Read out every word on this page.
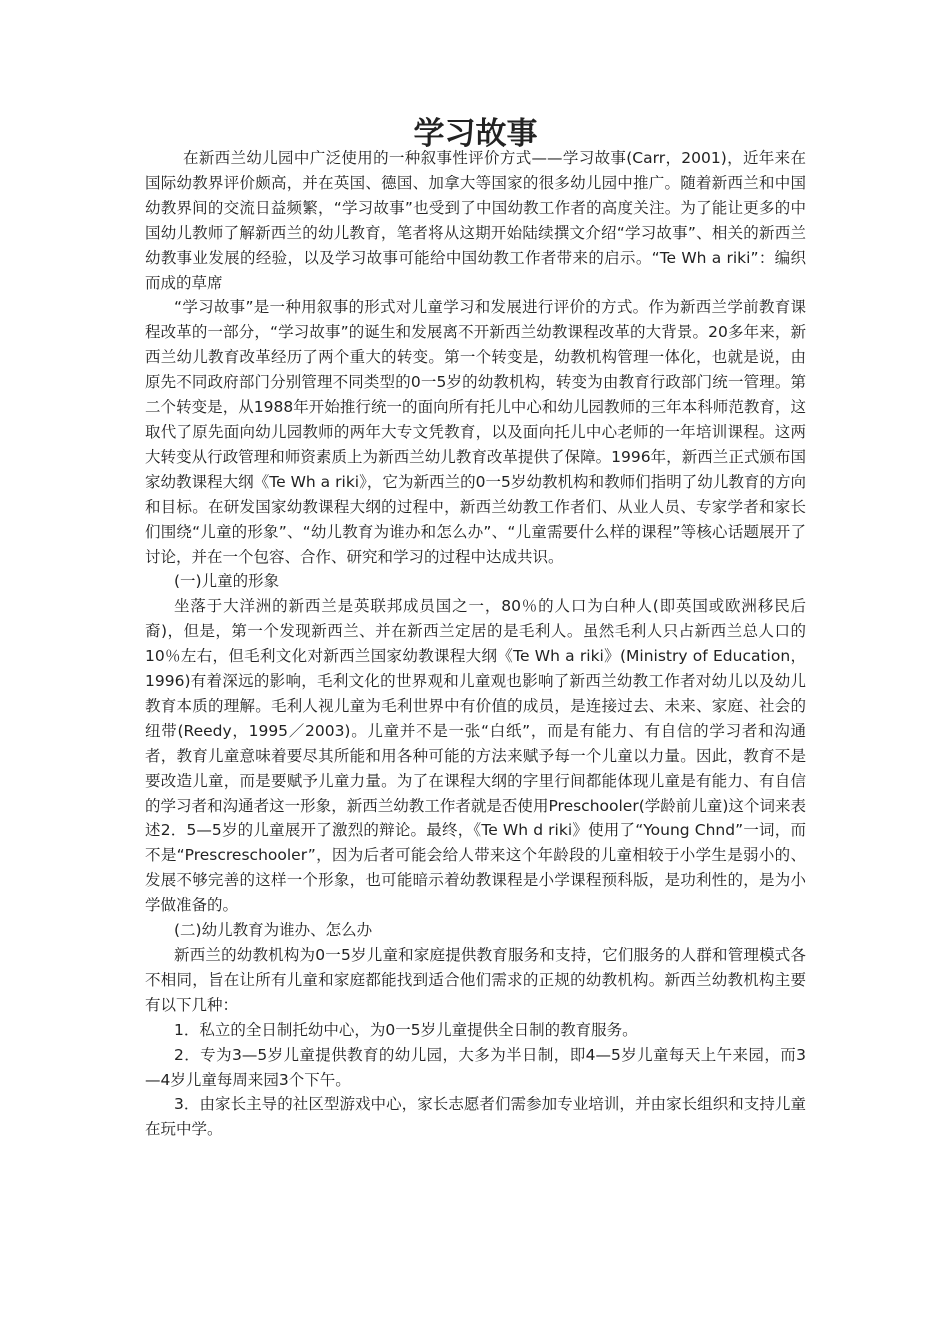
学习故事

在新西兰幼儿园中广泛使用的一种叙事性评价方式——学习故事(Carr，2001)，近年来在国际幼教界评价颇高，并在英国、德国、加拿大等国家的很多幼儿园中推广。随着新西兰和中国幼教界间的交流日益频繁，“学习故事”也受到了中国幼教工作者的高度关注。为了能让更多的中国幼儿教师了解新西兰的幼儿教育，笔者将从这期开始陆续撰文介绍“学习故事”、相关的新西兰幼教事业发展的经验，以及学习故事可能给中国幼教工作者带来的启示。“Te Wh a riki”：编织而成的草席

“学习故事”是一种用叙事的形式对儿童学习和发展进行评价的方式。作为新西兰学前教育课程改革的一部分，“学习故事”的诞生和发展离不开新西兰幼教课程改革的大背景。20多年来，新西兰幼儿教育改革经历了两个重大的转变。第一个转变是，幼教机构管理一体化，也就是说，由原先不同政府部门分别管理不同类型的0一5岁的幼教机构，转变为由教育行政部门统一管理。第二个转变是，从1988年开始推行统一的面向所有托儿中心和幼儿园教师的三年本科师范教育，这取代了原先面向幼儿园教师的两年大专文凭教育，以及面向托儿中心老师的一年培训课程。这两大转变从行政管理和师资素质上为新西兰幼儿教育改革提供了保障。1996年，新西兰正式颁布国家幼教课程大纲《Te Wh a riki》，它为新西兰的0一5岁幼教机构和教师们指明了幼儿教育的方向和目标。在研发国家幼教课程大纲的过程中，新西兰幼教工作者们、从业人员、专家学者和家长们围绕“儿童的形象”、“幼儿教育为谁办和怎么办”、“儿童需要什么样的课程”等核心话题展开了讨论，并在一个包容、合作、研究和学习的过程中达成共识。

(一)儿童的形象

坐落于大洋洲的新西兰是英联邦成员国之一，80％的人口为白种人(即英国或欧洲移民后裔)，但是，第一个发现新西兰、并在新西兰定居的是毛利人。虽然毛利人只占新西兰总人口的10％左右，但毛利文化对新西兰国家幼教课程大纲《Te Wh a riki》(Ministry of Education，1996)有着深远的影响，毛利文化的世界观和儿童观也影响了新西兰幼教工作者对幼儿以及幼儿教育本质的理解。毛利人视儿童为毛利世界中有价值的成员，是连接过去、未来、家庭、社会的纽带(Reedy，1995／2003)。儿童并不是一张“白纸”，而是有能力、有自信的学习者和沟通者，教育儿童意味着要尽其所能和用各种可能的方法来赋予每一个儿童以力量。因此，教育不是要改造儿童，而是要赋予儿童力量。为了在课程大纲的字里行间都能体现儿童是有能力、有自信的学习者和沟通者这一形象，新西兰幼教工作者就是否使用Preschooler(学龄前儿童)这个词来表述2．5—5岁的儿童展开了激烈的辩论。最终，《Te Wh d riki》使用了“Young Chnd”一词，而不是“Prescreschooler”，因为后者可能会给人带来这个年龄段的儿童相较于小学生是弱小的、发展不够完善的这样一个形象，也可能暗示着幼教课程是小学课程预科版，是功利性的，是为小学做准备的。

(二)幼儿教育为谁办、怎么办

新西兰的幼教机构为0一5岁儿童和家庭提供教育服务和支持，它们服务的人群和管理模式各不相同，旨在让所有儿童和家庭都能找到适合他们需求的正规的幼教机构。新西兰幼教机构主要有以下几种：

1．私立的全日制托幼中心，为0一5岁儿童提供全日制的教育服务。

2．专为3—5岁儿童提供教育的幼儿园，大多为半日制，即4—5岁儿童每天上午来园，而3—4岁儿童每周来园3个下午。

3．由家长主导的社区型游戏中心，家长志愿者们需参加专业培训，并由家长组织和支持儿童在玩中学。
